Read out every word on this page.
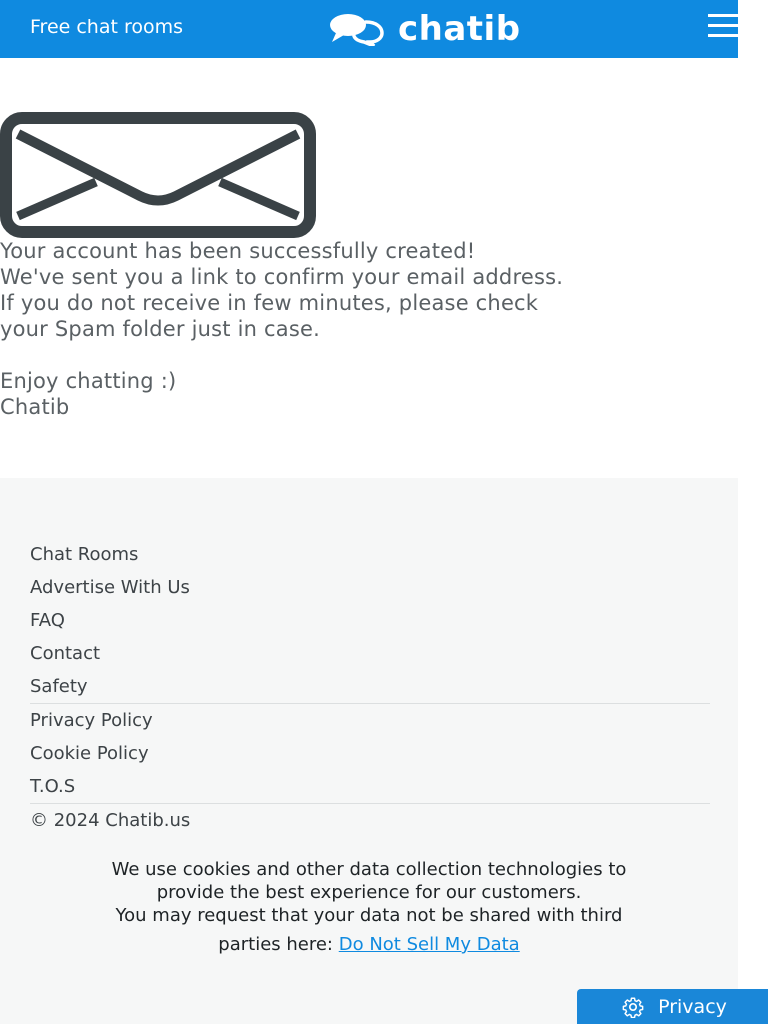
Free chat rooms	chatib

Your account has been successfully created!

We've sent you a link to confirm your email address.

If you do not receive in few minutes, please check

your Spam folder just in case.

Enjoy chatting :)

Chatib

Chat Rooms
Advertise With Us
FAQ
Contact
Safety
Privacy Policy
Cookie Policy
T.O.S
© 2024 Chatib.us

We use cookies and other data collection technologies to

provide the best experience for our customers.

You may request that your data not be shared with third

parties here: Do Not Sell My Data

Privacy
